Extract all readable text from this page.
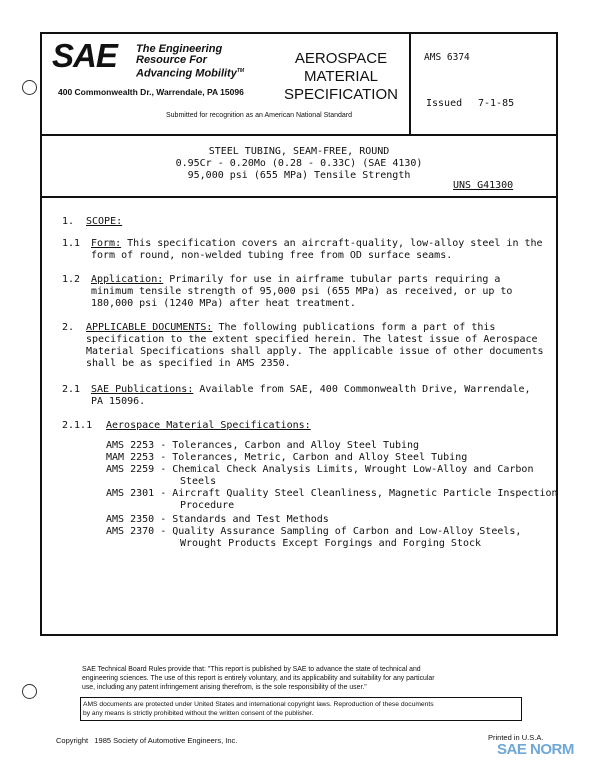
SAE The Engineering
Resource For
Advancing Mobility™
400 Commonwealth Dr., Warrendale, PA 15096
Submitted for recognition as an American National Standard
AEROSPACE
MATERIAL
SPECIFICATION
AMS 6374
Issued 7-1-85
STEEL TUBING, SEAM-FREE, ROUND
0.95Cr - 0.20Mo (0.28 - 0.33C) (SAE 4130)
95,000 psi (655 MPa) Tensile Strength
UNS G41300
1. SCOPE:
1.1 Form: This specification covers an aircraft-quality, low-alloy steel in the
form of round, non-welded tubing free from OD surface seams.
1.2 Application: Primarily for use in airframe tubular parts requiring a
minimum tensile strength of 95,000 psi (655 MPa) as received, or up to
180,000 psi (1240 MPa) after heat treatment.
2. APPLICABLE DOCUMENTS: The following publications form a part of this
specification to the extent specified herein. The latest issue of Aerospace
Material Specifications shall apply. The applicable issue of other documents
shall be as specified in AMS 2350.
2.1 SAE Publications: Available from SAE, 400 Commonwealth Drive, Warrendale,
PA 15096.
2.1.1 Aerospace Material Specifications:
AMS 2253 - Tolerances, Carbon and Alloy Steel Tubing
MAM 2253 - Tolerances, Metric, Carbon and Alloy Steel Tubing
AMS 2259 - Chemical Check Analysis Limits, Wrought Low-Alloy and Carbon
Steels
AMS 2301 - Aircraft Quality Steel Cleanliness, Magnetic Particle Inspection
Procedure
AMS 2350 - Standards and Test Methods
AMS 2370 - Quality Assurance Sampling of Carbon and Low-Alloy Steels,
Wrought Products Except Forgings and Forging Stock
SAE Technical Board Rules provide that: "This report is published by SAE to advance the state of technical and
engineering sciences. The use of this report is entirely voluntary, and its applicability and suitability for any particular
use, including any patent infringement arising therefrom, is the sole responsibility of the user."
AMS documents are protected under United States and international copyright laws. Reproduction of these documents
by any means is strictly prohibited without the written consent of the publisher.
Copyright   1985 Society of Automotive Engineers, Inc.	Printed in U.S.A.
SAE NORM
